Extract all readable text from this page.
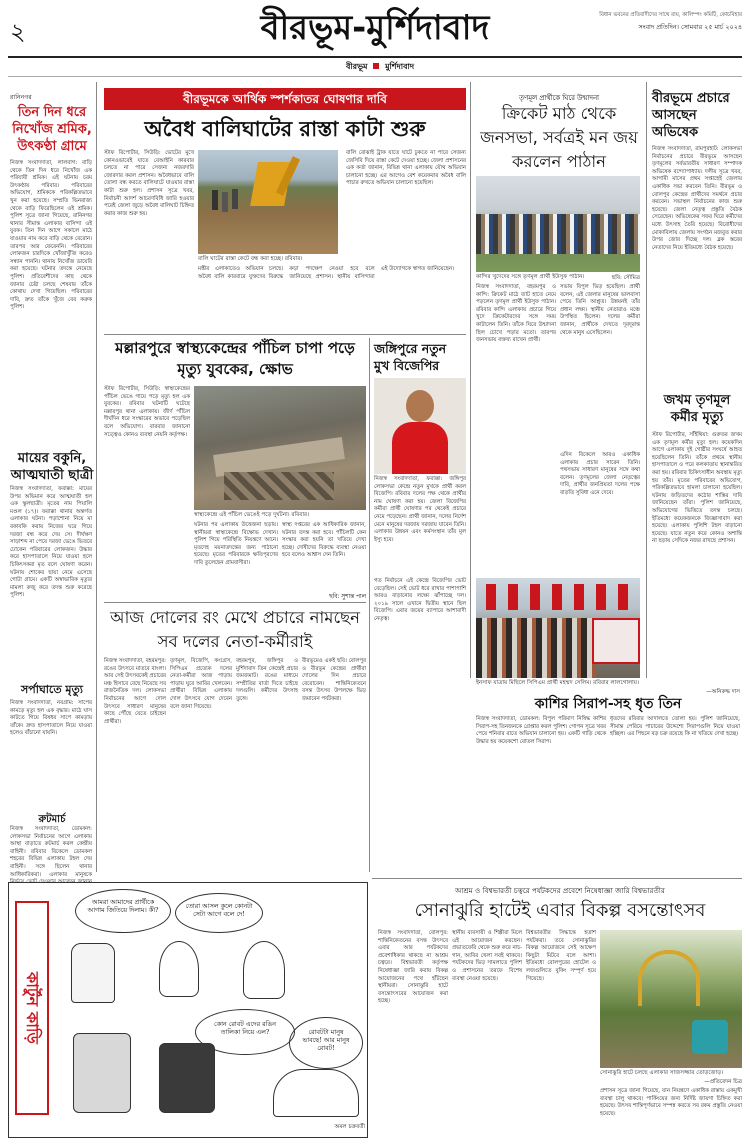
২	বীরভূম-মুর্শিদাবাদ	বিধান ভবনের প্রতিবাদীদের সাথে রায়, কালিম্পং কমিটি, কোচবিহার
সংবাদ প্রতিদিন। সোমবার ২৫ মার্চ ২০২৪
বীরভূম মুর্শিদাবাদ
রানিনগর
তিন দিন ধরে নিখোঁজ শ্রমিক, উৎকণ্ঠা গ্রামে
নিজস্ব সংবাদদাতা, লালবাগ: বাড়ি থেকে তিন দিন ধরে নিখোঁজ এক পরিযায়ী শ্রমিক। এই ঘটনায় চরম উৎকণ্ঠায় পরিবার। পরিবারের অভিযোগ, শ্রমিককে পরিকল্পিতভাবে খুন করা হয়েছে। সম্প্রতি ভিনরাজ্য থেকে বাড়ি ফিরেছিলেন ওই শ্রমিক। পুলিশ সূত্রে জানা গিয়েছে, রানিনগর থানার সীমান্ত এলাকার বাসিন্দা ওই যুবক। তিন দিন আগে সকালে মাঠে যাওয়ার নাম করে বাড়ি থেকে বেরোন। তারপর আর ফেরেননি। পরিবারের লোকজন চারদিকে খোঁজাখুঁজি করেও সন্ধান পাননি। থানায় নিখোঁজ ডায়েরি করা হয়েছে। ঘটনার তদন্তে নেমেছে পুলিশ। প্রতিবেশীদের কাছ থেকে জানার চেষ্টা চলছে শেষবার তাঁকে কোথায় দেখা গিয়েছিল। পরিবারের দাবি, দ্রুত তাঁকে খুঁজে বের করুক পুলিশ।
মায়ের বকুনি, আত্মঘাতী ছাত্রী
নিজস্ব সংবাদদাতা, ফরাক্কা: মায়ের উপর অভিমান করে আত্মঘাতী হল এক স্কুলছাত্রী। মৃতের নাম পিয়ালি মণ্ডল (১৭)। ফরাক্কা থানার অন্তর্গত এলাকার ঘটনা। পড়াশোনা নিয়ে মা বকাবকি করায় নিজের ঘরে গিয়ে দরজা বন্ধ করে দেয় সে। দীর্ঘক্ষণ সাড়াশব্দ না পেয়ে দরজা ভেঙে ভিতরে ঢোকেন পরিবারের লোকজন। উদ্ধার করে হাসপাতালে নিয়ে যাওয়া হলে চিকিৎসকরা মৃত বলে ঘোষণা করেন। ঘটনায় শোকের ছায়া নেমে এসেছে গোটা গ্রামে। একটি অস্বাভাবিক মৃত্যুর মামলা রুজু করে তদন্ত শুরু করেছে পুলিশ।
সর্পাঘাতে মৃত্যু
নিজস্ব সংবাদদাতা, নবগ্রাম: সাপের কামড়ে মৃত্যু হল এক বৃদ্ধার। মাঠে ঘাস কাটতে গিয়ে বিষধর সাপে কামড়ায় তাঁকে। দ্রুত হাসপাতালে নিয়ে যাওয়া হলেও বাঁচানো যায়নি।
রুটমার্চ
নিজস্ব সংবাদদাতা, ডোমকল: লোকসভা নির্বাচনের আগে এলাকায় আস্থা বাড়াতে রুটমার্চ করল কেন্দ্রীয় বাহিনী। রবিবার বিকেলে ডোমকল শহরের বিভিন্ন এলাকায় টহল দেয় বাহিনী। সঙ্গে ছিলেন থানার আধিকারিকরা। এলাকার মানুষকে
বীরভূমকে আর্থিক স্পর্শকাতর ঘোষণার দাবি
অবৈধ বালিঘাটের রাস্তা কাটা শুরু
স্টাফ রিপোর্টার, সিউড়ি: ভোটের মুখে কোনওভাবেই যাতে বেআইনি কারবার চলতে না পারে সেজন্য নজরদারি জোরদার করল প্রশাসন। অবৈধভাবে বালি তোলা বন্ধ করতে বালিঘাটে যাওয়ার রাস্তা কাটা শুরু হল। প্রশাসন সূত্রে খবর, নির্বাচনী আদর্শ আচরণবিধি জারি হওয়ার পরেই জেলা জুড়ে অবৈধ বালিঘাট চিহ্নিত করার কাজ শুরু হয়।
বালি ঘাটের রাস্তা কেটে বন্ধ করা হচ্ছে। রবিবার।
বালি বোঝাই ট্রাক যাতে ঘাটে ঢুকতে না পারে সেজন্য জেসিবি দিয়ে রাস্তা কেটে দেওয়া হচ্ছে। জেলা প্রশাসনের এক কর্তা জানান, বিভিন্ন থানা এলাকায় যৌথ অভিযান চালানো হচ্ছে। এর আগেও বেশ কয়েকবার অবৈধ বালি পাচার রুখতে অভিযান চালানো হয়েছিল।
মন্ত্রীর এলাকাতেও অভিযান চলছে। অবৈধ বালি কারবারে যুক্তদের বিরুদ্ধে কড়া পদক্ষেপ নেওয়া হবে বলে জানিয়েছে প্রশাসন। স্থানীয় বাসিন্দারা এই উদ্যোগকে স্বাগত জানিয়েছেন।
মল্লারপুরে স্বাস্থ্যকেন্দ্রের পাঁচিল চাপা পড়ে মৃত্যু যুবকের, ক্ষোভ
স্টাফ রিপোর্টার, সিউড়ি: স্বাস্থ্যকেন্দ্রের পাঁচিল ভেঙে গায়ে পড়ে মৃত্যু হল এক যুবকের। রবিবার ঘটনাটি ঘটেছে মল্লারপুর থানা এলাকায়। জীর্ণ পাঁচিল দীর্ঘদিন ধরে সংস্কারের অভাবে পড়েছিল বলে অভিযোগ। বারবার জানানো সত্ত্বেও কোনও ব্যবস্থা নেয়নি কর্তৃপক্ষ।
স্বাস্থ্যকেন্দ্রে এই পাঁচিল ভেঙেই পড়ে দুর্ঘটনা। রবিবার।
ঘটনার পর এলাকায় উত্তেজনা ছড়ায়। স্থানীয়রা স্বাস্থ্যকেন্দ্রে বিক্ষোভ দেখান। পুলিশ গিয়ে পরিস্থিতি নিয়ন্ত্রণে আনে। মৃতদেহ ময়নাতদন্তের জন্য পাঠানো হয়েছে। মৃতের পরিবারকে ক্ষতিপূরণের দাবি তুলেছেন গ্রামবাসীরা।
স্বাস্থ্য দপ্তরের এক আধিকারিক জানান, ঘটনার তদন্ত করা হবে। পাঁচিলটি কেন সংস্কার করা হয়নি তা খতিয়ে দেখা হচ্ছে। দোষীদের বিরুদ্ধে ব্যবস্থা নেওয়া হবে বলেও আশ্বাস দেন তিনি।
ছবি: সুশান্ত পাল
জঙ্গিপুরে নতুন মুখ বিজেপির
নিজস্ব সংবাদদাতা, ফরাক্কা: জঙ্গিপুর লোকসভা কেন্দ্রে নতুন মুখকে প্রার্থী করল বিজেপি। রবিবার দলের পক্ষ থেকে প্রার্থীর নাম ঘোষণা করা হয়। জেলা বিজেপির কর্মীরা প্রার্থী ঘোষণার পর থেকেই প্রচারে নেমে পড়েছেন। প্রার্থী জানান, দলের নির্দেশ মেনে মানুষের দরজায় দরজায় যাবেন তিনি। এলাকার উন্নয়ন এবং কর্মসংস্থান তাঁর মূল ইস্যু হবে।
গত নির্বাচনে এই কেন্দ্রে বিজেপির ভোট বেড়েছিল। সেই ভোট ধরে রাখার পাশাপাশি আরও বাড়ানোর লক্ষ্যে ঝাঁপাচ্ছে দল। ২০১৯ সালে এখানে দ্বিতীয় স্থানে ছিল বিজেপি। এবার জয়ের ব্যাপারে আশাবাদী নেতৃত্ব।
তৃণমূল প্রার্থীকে ঘিরে উন্মাদনা
ক্রিকেট মাঠ থেকে জনসভা, সর্বত্রই মন জয় করলেন পাঠান
কান্দির খুদেদের সঙ্গে তৃণমূল প্রার্থী ইউসুফ পাঠান।	ছবি: সৌমিত্র
নিজস্ব সংবাদদাতা, বহরমপুর ও কান্দি: ক্রিকেট মাঠে ব্যাট হাতে নেমে পড়লেন তৃণমূল প্রার্থী ইউসুফ পাঠান। রবিবার কান্দি এলাকায় প্রচারে গিয়ে খুদে ক্রিকেটারদের সঙ্গে সময় কাটালেন তিনি। তাঁকে ঘিরে উন্মাদনা ছিল চোখে পড়ার মতো। তারপর জনসভায় বক্তব্য রাখেন প্রার্থী।
সভায় বিপুল ভিড় হয়েছিল। প্রার্থী বলেন, এই জেলার মানুষের ভালবাসা পেয়ে তিনি আপ্লুত। উন্নয়নই তাঁর প্রধান লক্ষ্য। স্থানীয় নেতারাও মঞ্চে উপস্থিত ছিলেন। দলের কর্মীরা জানান, প্রার্থীকে দেখতে দূরদূরান্ত থেকে মানুষ এসেছিলেন।
এদিন বিকেলে আরও একাধিক এলাকায় প্রচার সারেন তিনি। পথসভায় সাধারণ মানুষের সঙ্গে কথা বলেন। তৃণমূলের জেলা নেতৃত্বের দাবি, প্রার্থীর জনপ্রিয়তা দলের পক্ষে বাড়তি সুবিধা এনে দেবে।
ইনসাফ যাত্রায় মিছিলে সিপিএম প্রার্থী মহম্মদ সেলিম। রবিবার লালগোলায়।
—অনিরুদ্ধ দাস
বীরভূমে প্রচারে আসছেন অভিষেক
নিজস্ব সংবাদদাতা, রামপুরহাট: লোকসভা নির্বাচনের প্রচারে বীরভূমে আসছেন তৃণমূলের সর্বভারতীয় সাধারণ সম্পাদক অভিষেক বন্দ্যোপাধ্যায়। দলীয় সূত্রে খবর, আগামী মাসের প্রথম সপ্তাহেই জেলায় একাধিক সভা করবেন তিনি। বীরভূম ও বোলপুর কেন্দ্রের প্রার্থীদের সমর্থনে প্রচার করবেন। সভাস্থল নির্বাচনের কাজ শুরু হয়েছে। জেলা নেতৃত্ব প্রস্তুতি বৈঠক সেরেছেন। অভিষেকের সফর ঘিরে কর্মীদের মধ্যে উৎসাহ তৈরি হয়েছে। বিরোধীদের মোকাবিলায় জেলায় সংগঠন মজবুত করার উপর জোর দিচ্ছে দল। ব্লক স্তরের নেতাদের নিয়ে ইতিমধ্যে বৈঠক হয়েছে।
জখম তৃণমূল কর্মীর মৃত্যু
স্টাফ রিপোর্টার, সাঁইথিয়া: গুরুতর জখম এক তৃণমূল কর্মীর মৃত্যু হল। কয়েকদিন আগে এলাকায় দুই গোষ্ঠীর সংঘর্ষে আহত হয়েছিলেন তিনি। তাঁকে প্রথমে স্থানীয় হাসপাতালে ও পরে কলকাতায় স্থানান্তরিত করা হয়। রবিবার চিকিৎসাধীন অবস্থায় মৃত্যু হয় তাঁর। মৃতের পরিবারের অভিযোগ, পরিকল্পিতভাবে হামলা চালানো হয়েছিল। ঘটনায় জড়িতদের কঠোর শাস্তির দাবি জানিয়েছেন তাঁরা। পুলিশ জানিয়েছে, অভিযোগের ভিত্তিতে তদন্ত চলছে। ইতিমধ্যে কয়েকজনকে জিজ্ঞাসাবাদ করা হয়েছে। এলাকায় পুলিশি টহল বাড়ানো হয়েছে। যাতে নতুন করে কোনও অশান্তি না ছড়ায় সেদিকে নজর রাখছে প্রশাসন।
আজ দোলের রং মেখে প্রচারে নামছেন সব দলের নেতা-কর্মীরাই
নিজস্ব সংবাদদাতা, বহরমপুর: রঙের উৎসবে মাতবে বাংলা। আর সেই উৎসবকেই প্রচারের মঞ্চ হিসাবে বেছে নিয়েছে সব রাজনৈতিক দল। লোকসভা নির্বাচনের আগে দোল উৎসবে সাধারণ মানুষের কাছে পৌঁছে যেতে চাইছেন প্রার্থীরা।
তৃণমূল, বিজেপি, কংগ্রেস, সিপিএম প্রত্যেক দলের নেতা-কর্মীরা আজ পাড়ায় পাড়ায় ঘুরে আবির খেলবেন। প্রার্থীরা বিভিন্ন এলাকায় দোল উৎসবে যোগ দেবেন বলে জানা গিয়েছে।
বহরমপুর, জঙ্গিপুর ও মুর্শিদাবাদ তিন কেন্দ্রেই প্রচার জমজমাট। রঙের মাধ্যমে সম্প্রীতির বার্তা দিতে চাইছে দলগুলি। কর্মীদের উৎসাহ তুঙ্গে।
বীরভূমেও একই ছবি। বোলপুর ও বীরভূম কেন্দ্রের প্রার্থীরা দোলের দিন প্রচারে বেরোবেন। শান্তিনিকেতনে বসন্ত উৎসব উপলক্ষে ভিড় জমাবেন পর্যটকরা।	কাশির সিরাপ-সহ ধৃত তিন
নিজস্ব সংবাদদাতা, ডোমকল: বিপুল পরিমাণ নিষিদ্ধ কাশির সিরাপ-সহ তিনজনকে গ্রেপ্তার করল পুলিশ। গোপন সূত্রে খবর পেয়ে শনিবার রাতে অভিযান চালানো হয়। একটি গাড়ি থেকে উদ্ধার হয় কয়েকশো বোতল সিরাপ।
ধৃতদের রবিবার আদালতে তোলা হয়। পুলিশ জানিয়েছে, সীমান্ত পেরিয়ে পাচারের উদ্দেশ্যে সিরাপগুলি নিয়ে যাওয়া হচ্ছিল। এর পিছনে বড় চক্র রয়েছে কি না খতিয়ে দেখা হচ্ছে।
আশ্রম ও বিশ্বভারতী চত্বরে পর্যটকদের প্রবেশে নিষেধাজ্ঞা জারি বিশ্বভারতীর
সোনাঝুরি হাটেই এবার বিকল্প বসন্তোৎসব
নিজস্ব সংবাদদাতা, বোলপুর: শান্তিনিকেতনের বসন্ত উৎসবে এবার আর পর্যটকদের প্রবেশাধিকার থাকছে না আশ্রম চত্বরে। বিশ্বভারতী কর্তৃপক্ষ নিষেধাজ্ঞা জারি করায় বিকল্প আয়োজনের পথে হাঁটছেন স্থানীয়রা। সোনাঝুরি হাটে বসন্তোৎসবের আয়োজন করা হচ্ছে।
স্থানীয় ব্যবসায়ী ও শিল্পীরা মিলে এই আয়োজন করছেন। প্রভাতফেরি থেকে শুরু করে নাচ-গান, আবির খেলা সবই থাকবে। পর্যটকদের ভিড় সামলাতে পুলিশ ও প্রশাসনের তরফে বিশেষ ব্যবস্থা নেওয়া হয়েছে।
বিশ্বভারতীর সিদ্ধান্তে হতাশ পর্যটকরা। তবে সোনাঝুরির বিকল্প আয়োজনে সেই আক্ষেপ কিছুটা মিটবে বলে আশা। ইতিমধ্যে বোলপুরের হোটেল ও লজগুলিতে বুকিং সম্পূর্ণ হয়ে গিয়েছে।
সোনাঝুরি হাটে চলছে এলাকার সাজসজ্জার তোড়জোড়।
—প্রতিবেদন চিত্র
প্রশাসন সূত্রে জানা গিয়েছে, যান নিয়ন্ত্রণে একাধিক রাস্তায় একমুখী ব্যবস্থা চালু থাকবে। পার্কিংয়ের জন্য নির্দিষ্ট জায়গা চিহ্নিত করা হয়েছে। উৎসব শান্তিপূর্ণভাবে সম্পন্ন করতে সব রকম প্রস্তুতি নেওয়া হয়েছে।
কার্টুন
কাড়ি
আমরা আমাদের প্রার্থীকে আগাম জিতিয়ে দিলাম। কী?	তোরা আসল কুলে কোনটা সেটা আগে বলে দে!
কোন রোবট এদের রঙিন তালিকা নিয়ে এল?	রোবটটা মানুষ ভাবছে! আর মানুষ রোবট!
অমল চক্রবর্তী
